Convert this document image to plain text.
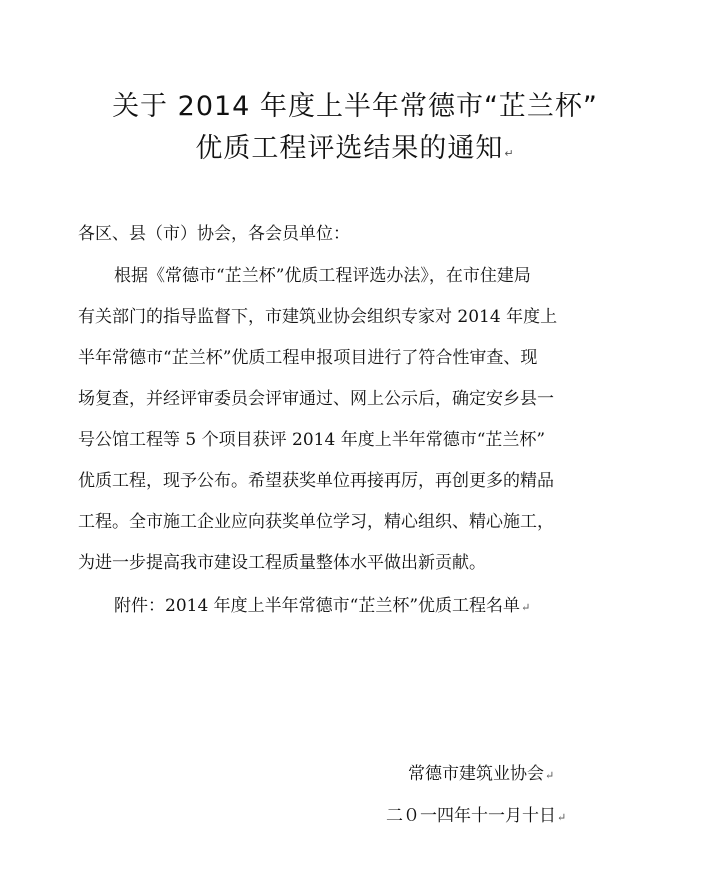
关于 2014 年度上半年常德市“芷兰杯”
优质工程评选结果的通知↵
各区、县（市）协会，各会员单位：
根据《常德市“芷兰杯”优质工程评选办法》，在市住建局
有关部门的指导监督下，市建筑业协会组织专家对 2014 年度上
半年常德市“芷兰杯”优质工程申报项目进行了符合性审查、现
场复查，并经评审委员会评审通过、网上公示后，确定安乡县一
号公馆工程等 5 个项目获评 2014 年度上半年常德市“芷兰杯”
优质工程，现予公布。希望获奖单位再接再厉，再创更多的精品
工程。全市施工企业应向获奖单位学习，精心组织、精心施工，
为进一步提高我市建设工程质量整体水平做出新贡献。
附件：2014 年度上半年常德市“芷兰杯”优质工程名单↵
常德市建筑业协会↵
二０一四年十一月十日↵
